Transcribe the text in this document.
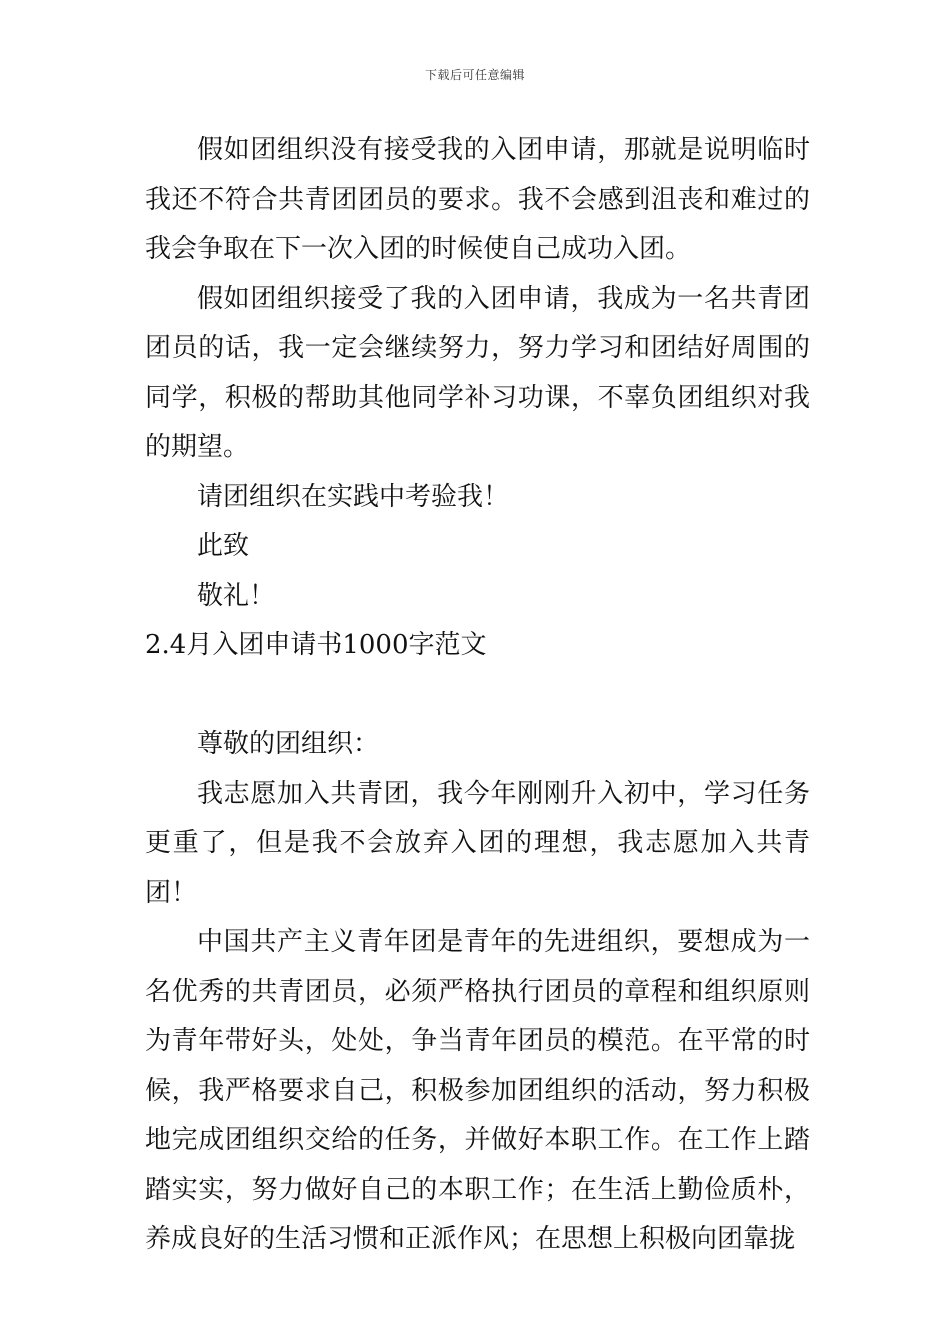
下载后可任意编辑

假如团组织没有接受我的入团申请，那就是说明临时我还不符合共青团团员的要求。我不会感到沮丧和难过的我会争取在下一次入团的时候使自己成功入团。

假如团组织接受了我的入团申请，我成为一名共青团团员的话，我一定会继续努力，努力学习和团结好周围的同学，积极的帮助其他同学补习功课，不辜负团组织对我的期望。

请团组织在实践中考验我！

此致

敬礼！

2.4月入团申请书1000字范文

尊敬的团组织：

我志愿加入共青团，我今年刚刚升入初中，学习任务更重了，但是我不会放弃入团的理想，我志愿加入共青团！

中国共产主义青年团是青年的先进组织，要想成为一名优秀的共青团员，必须严格执行团员的章程和组织原则为青年带好头，处处，争当青年团员的模范。在平常的时候，我严格要求自己，积极参加团组织的活动，努力积极地完成团组织交给的任务，并做好本职工作。在工作上踏踏实实，努力做好自己的本职工作；在生活上勤俭质朴，养成良好的生活习惯和正派作风；在思想上积极向团靠拢
